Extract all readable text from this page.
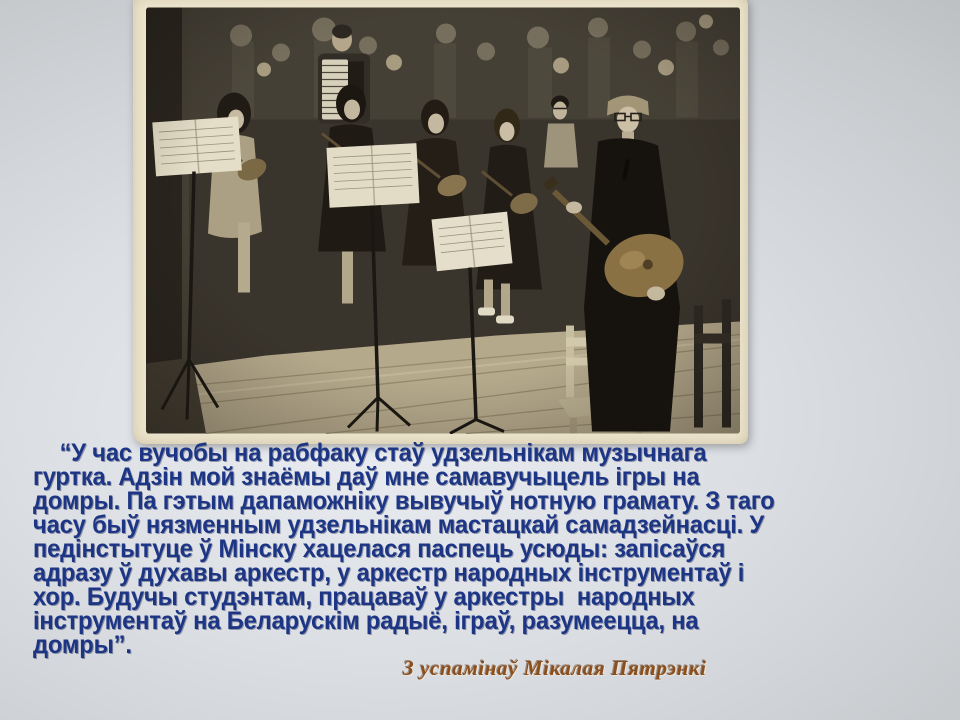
“У час вучобы на рабфаку стаў удзельнікам музычнага
гуртка. Адзін мой знаёмы даў мне самавучыцель ігры на
домры. Па гэтым дапаможніку вывучыў нотную грамату. З таго
часу быў нязменным удзельнікам мастацкай самадзейнасці. У
педінстытуце ў Мінску хацелася паспець усюды: запісаўся
адразу ў духавы аркестр, у аркестр народных інструментаў і
хор. Будучы студэнтам, працаваў у аркестры  народных
інструментаў на Беларускім радыё, іграў, разумеецца, на
домры”.
З успамінаў Мікалая Пятрэнкі
